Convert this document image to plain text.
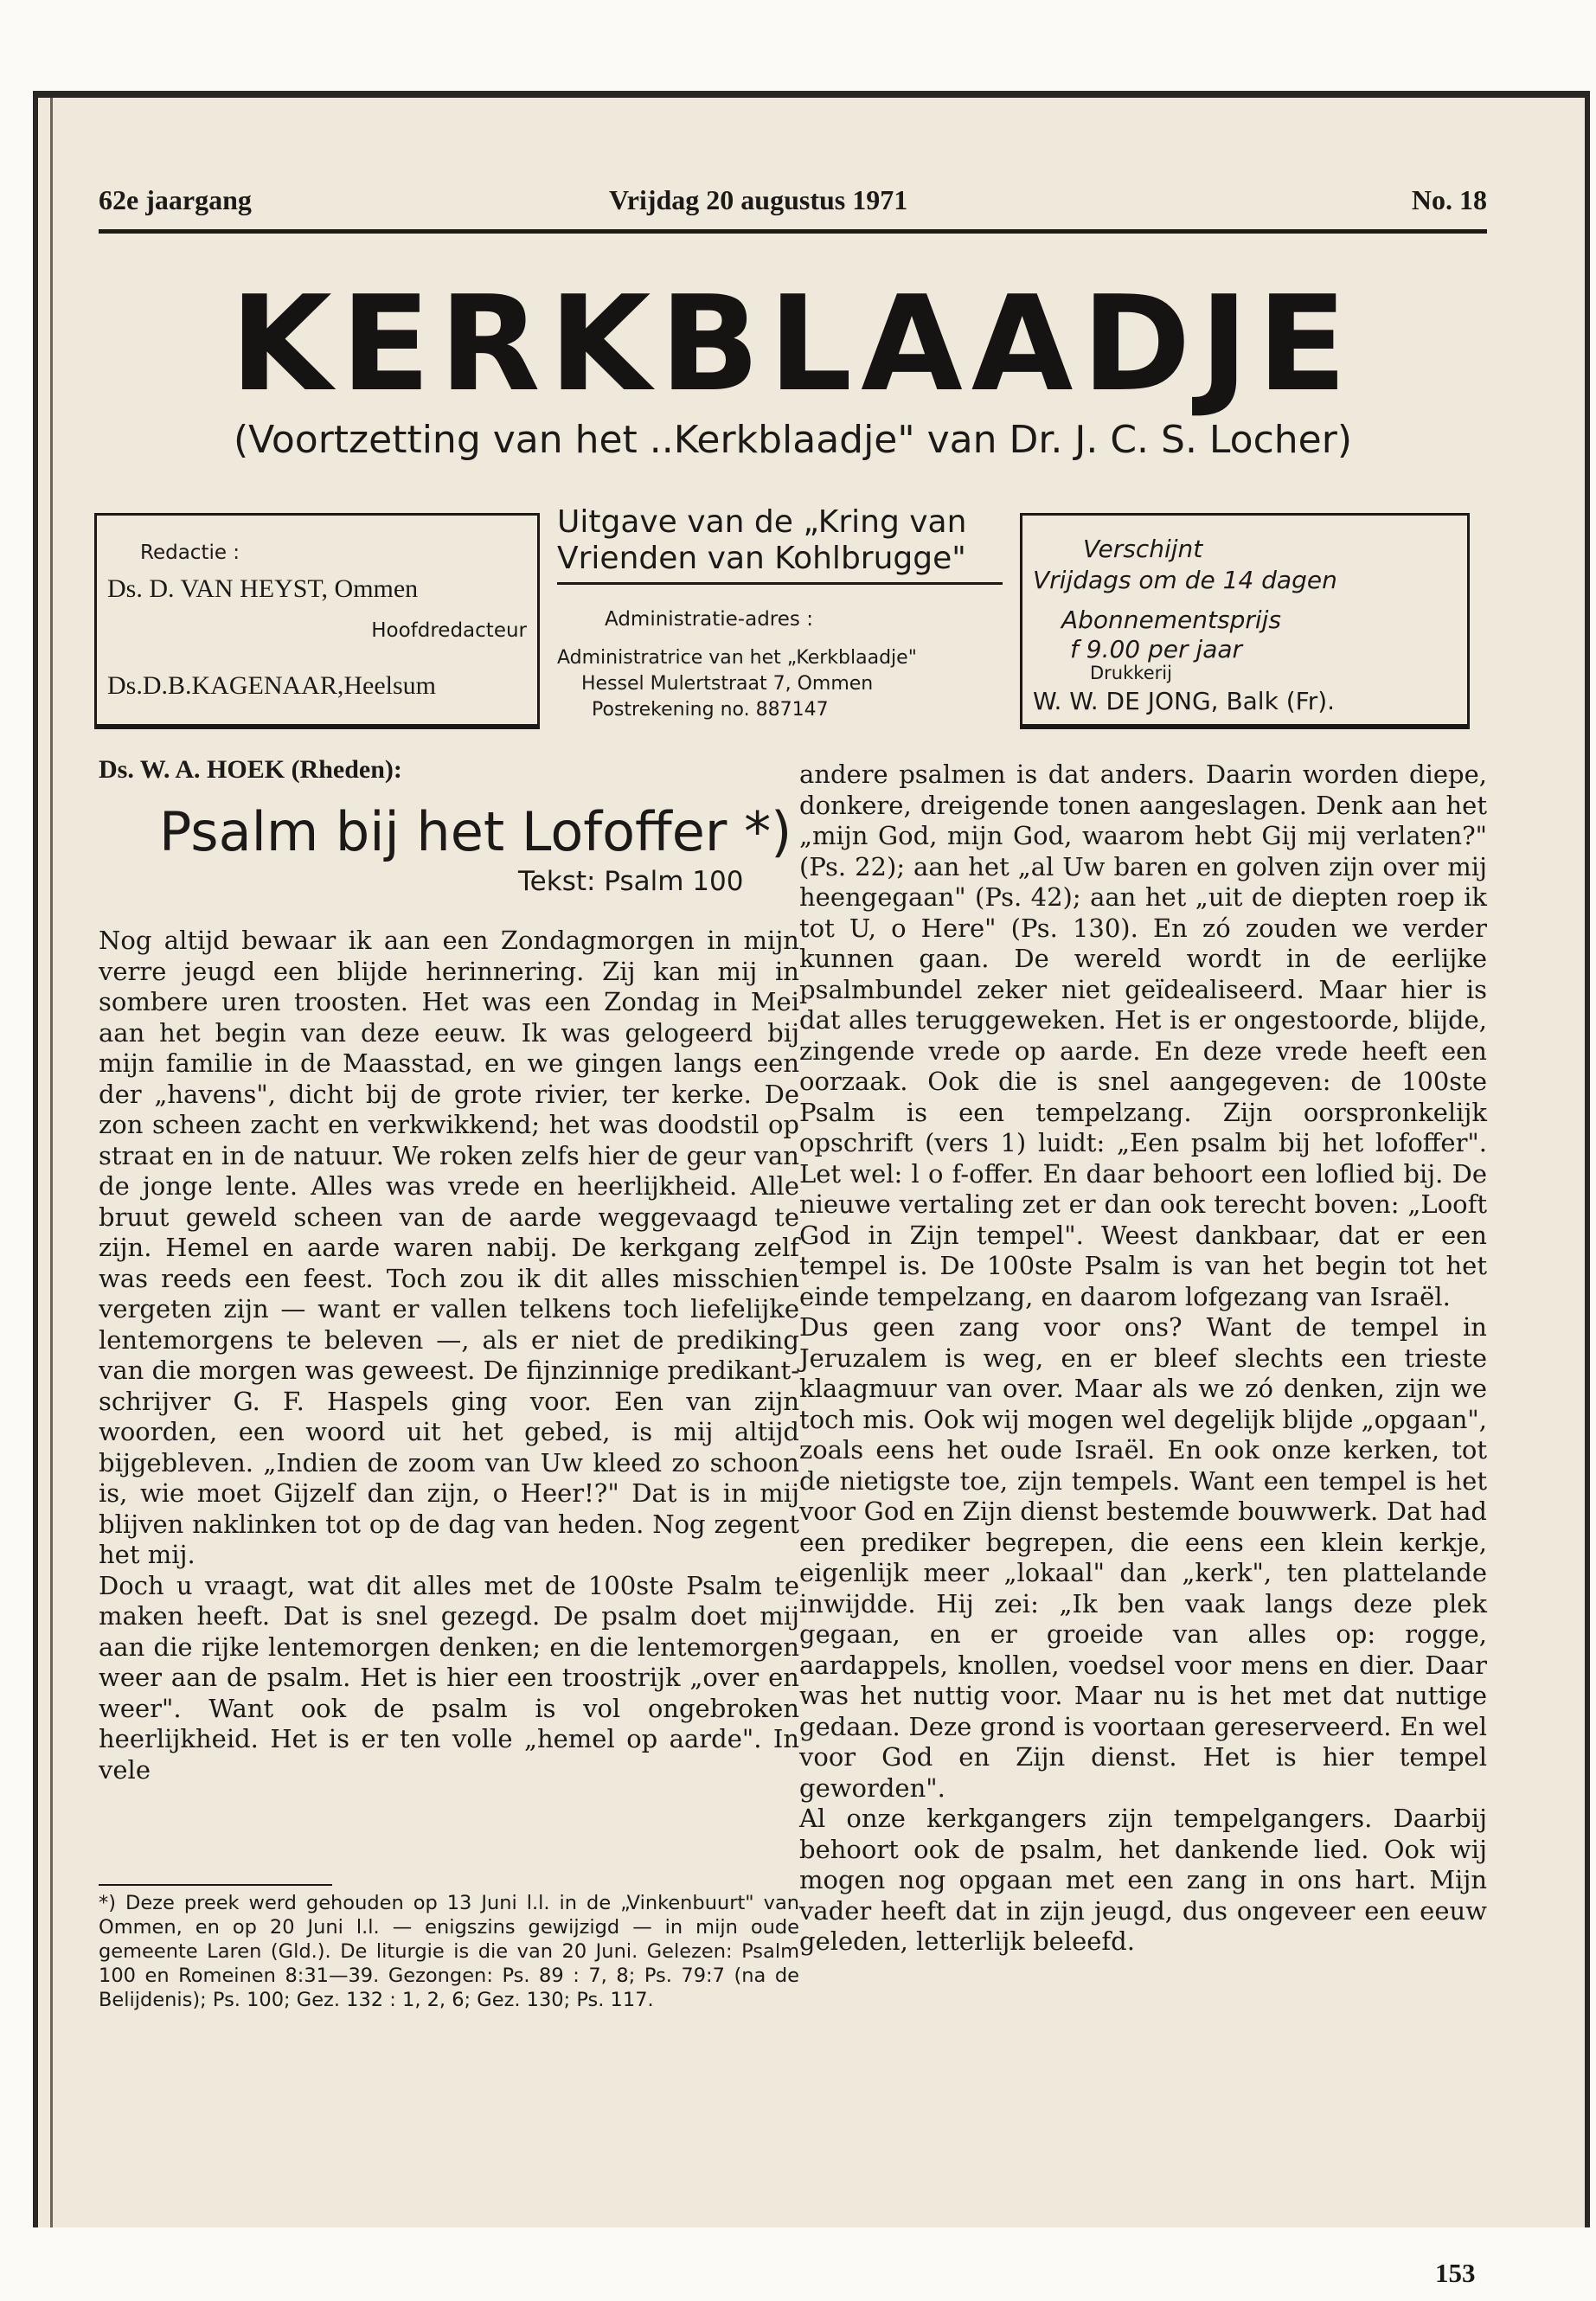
62e jaargang	Vrijdag 20 augustus 1971	No. 18
KERKBLAADJE
(Voortzetting van het ..Kerkblaadje" van Dr. J. C. S. Locher)
Redactie :
Ds. D. VAN HEYST, Ommen
Hoofdredacteur
Ds.D.B.KAGENAAR,Heelsum
Uitgave van de „Kring van
Vrienden van Kohlbrugge"
Administratie-adres :
Administratrice van het „Kerkblaadje"
Hessel Mulertstraat 7, Ommen
Postrekening no. 887147
Verschijnt
Vrijdags om de 14 dagen
Abonnementsprijs
f 9.00 per jaar
Drukkerij
W. W. DE JONG, Balk (Fr).
Ds. W. A. HOEK (Rheden):
Psalm bij het Lofoffer *)
Tekst: Psalm 100

Nog altijd bewaar ik aan een Zondagmorgen in mijn verre jeugd een blijde herinnering. Zij kan mij in sombere uren troosten. Het was een Zondag in Mei aan het begin van deze eeuw. Ik was gelogeerd bij mijn familie in de Maasstad, en we gingen langs een der „havens", dicht bij de grote rivier, ter kerke. De zon scheen zacht en verkwikkend; het was doodstil op straat en in de natuur. We roken zelfs hier de geur van de jonge lente. Alles was vrede en heerlijkheid. Alle bruut geweld scheen van de aarde weggevaagd te zijn. Hemel en aarde waren nabij. De kerkgang zelf was reeds een feest. Toch zou ik dit alles misschien vergeten zijn — want er vallen telkens toch liefelijke lentemorgens te beleven —, als er niet de prediking van die morgen was geweest. De fijnzinnige predikant-schrijver G. F. Haspels ging voor. Een van zijn woorden, een woord uit het gebed, is mij altijd bijgebleven. „Indien de zoom van Uw kleed zo schoon is, wie moet Gijzelf dan zijn, o Heer!?" Dat is in mij blijven naklinken tot op de dag van heden. Nog zegent het mij.

Doch u vraagt, wat dit alles met de 100ste Psalm te maken heeft. Dat is snel gezegd. De psalm doet mij aan die rijke lentemorgen denken; en die lentemorgen weer aan de psalm. Het is hier een troostrijk „over en weer". Want ook de psalm is vol ongebroken heerlijkheid. Het is er ten volle „hemel op aarde". In vele

*) Deze preek werd gehouden op 13 Juni l.l. in de „Vinkenbuurt" van Ommen, en op 20 Juni l.l. — enigszins gewijzigd — in mijn oude gemeente Laren (Gld.). De liturgie is die van 20 Juni. Gelezen: Psalm 100 en Romeinen 8:31—39. Gezongen: Ps. 89 : 7, 8; Ps. 79:7 (na de Belijdenis); Ps. 100; Gez. 132 : 1, 2, 6; Gez. 130; Ps. 117.

andere psalmen is dat anders. Daarin worden diepe, donkere, dreigende tonen aangeslagen. Denk aan het „mijn God, mijn God, waarom hebt Gij mij verlaten?" (Ps. 22); aan het „al Uw baren en golven zijn over mij heengegaan" (Ps. 42); aan het „uit de diepten roep ik tot U, o Here" (Ps. 130). En zó zouden we verder kunnen gaan. De wereld wordt in de eerlijke psalmbundel zeker niet geïdealiseerd. Maar hier is dat alles teruggeweken. Het is er ongestoorde, blijde, zingende vrede op aarde. En deze vrede heeft een oorzaak. Ook die is snel aangegeven: de 100ste Psalm is een tempelzang. Zijn oorspronkelijk opschrift (vers 1) luidt: „Een psalm bij het lofoffer". Let wel: l o f-offer. En daar behoort een loflied bij. De nieuwe vertaling zet er dan ook terecht boven: „Looft God in Zijn tempel". Weest dankbaar, dat er een tempel is. De 100ste Psalm is van het begin tot het einde tempelzang, en daarom lofgezang van Israël.

Dus geen zang voor ons? Want de tempel in Jeruzalem is weg, en er bleef slechts een trieste klaagmuur van over. Maar als we zó denken, zijn we toch mis. Ook wij mogen wel degelijk blijde „opgaan", zoals eens het oude Israël. En ook onze kerken, tot de nietigste toe, zijn tempels. Want een tempel is het voor God en Zijn dienst bestemde bouwwerk. Dat had een prediker begrepen, die eens een klein kerkje, eigenlijk meer „lokaal" dan „kerk", ten plattelande inwijdde. Hij zei: „Ik ben vaak langs deze plek gegaan, en er groeide van alles op: rogge, aardappels, knollen, voedsel voor mens en dier. Daar was het nuttig voor. Maar nu is het met dat nuttige gedaan. Deze grond is voortaan gereserveerd. En wel voor God en Zijn dienst. Het is hier tempel geworden".

Al onze kerkgangers zijn tempelgangers. Daarbij behoort ook de psalm, het dankende lied. Ook wij mogen nog opgaan met een zang in ons hart. Mijn vader heeft dat in zijn jeugd, dus ongeveer een eeuw geleden, letterlijk beleefd.

153
